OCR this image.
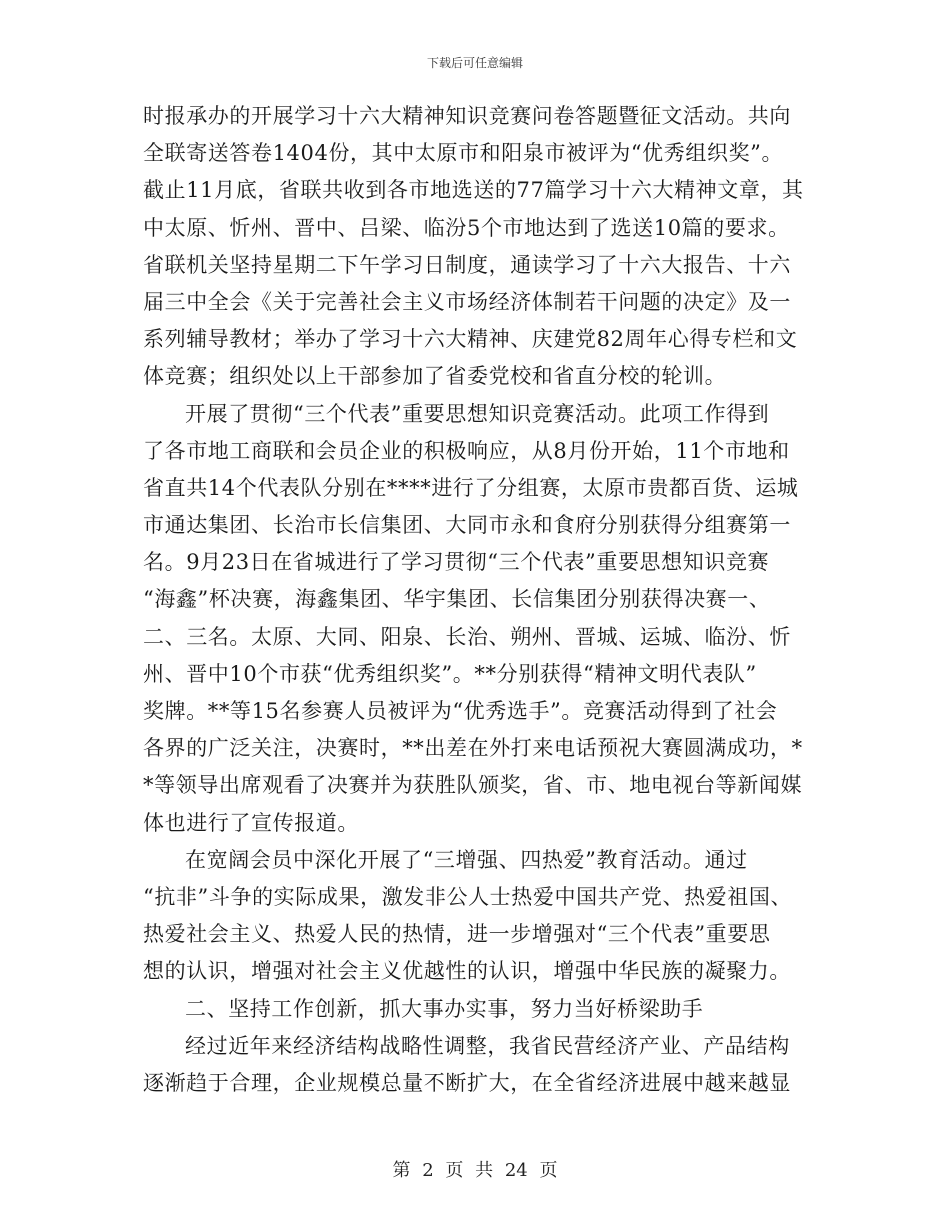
下载后可任意编辑
时报承办的开展学习十六大精神知识竞赛问卷答题暨征文活动。共向
全联寄送答卷1404份，其中太原市和阳泉市被评为“优秀组织奖”。
截止11月底，省联共收到各市地选送的77篇学习十六大精神文章，其
中太原、忻州、晋中、吕梁、临汾5个市地达到了选送10篇的要求。
省联机关坚持星期二下午学习日制度，通读学习了十六大报告、十六
届三中全会《关于完善社会主义市场经济体制若干问题的决定》及一
系列辅导教材；举办了学习十六大精神、庆建党82周年心得专栏和文
体竞赛；组织处以上干部参加了省委党校和省直分校的轮训。
开展了贯彻“三个代表”重要思想知识竞赛活动。此项工作得到
了各市地工商联和会员企业的积极响应，从8月份开始，11个市地和
省直共14个代表队分别在****进行了分组赛，太原市贵都百货、运城
市通达集团、长治市长信集团、大同市永和食府分别获得分组赛第一
名。9月23日在省城进行了学习贯彻“三个代表”重要思想知识竞赛
“海鑫”杯决赛，海鑫集团、华宇集团、长信集团分别获得决赛一、
二、三名。太原、大同、阳泉、长治、朔州、晋城、运城、临汾、忻
州、晋中10个市获“优秀组织奖”。**分别获得“精神文明代表队”
奖牌。**等15名参赛人员被评为“优秀选手”。竞赛活动得到了社会
各界的广泛关注，决赛时，**出差在外打来电话预祝大赛圆满成功，*
*等领导出席观看了决赛并为获胜队颁奖，省、市、地电视台等新闻媒
体也进行了宣传报道。
在宽阔会员中深化开展了“三增强、四热爱”教育活动。通过
“抗非”斗争的实际成果，激发非公人士热爱中国共产党、热爱祖国、
热爱社会主义、热爱人民的热情，进一步增强对“三个代表”重要思
想的认识，增强对社会主义优越性的认识，增强中华民族的凝聚力。
二、坚持工作创新，抓大事办实事，努力当好桥梁助手
经过近年来经济结构战略性调整，我省民营经济产业、产品结构
逐渐趋于合理，企业规模总量不断扩大，在全省经济进展中越来越显
第 2 页 共 24 页
